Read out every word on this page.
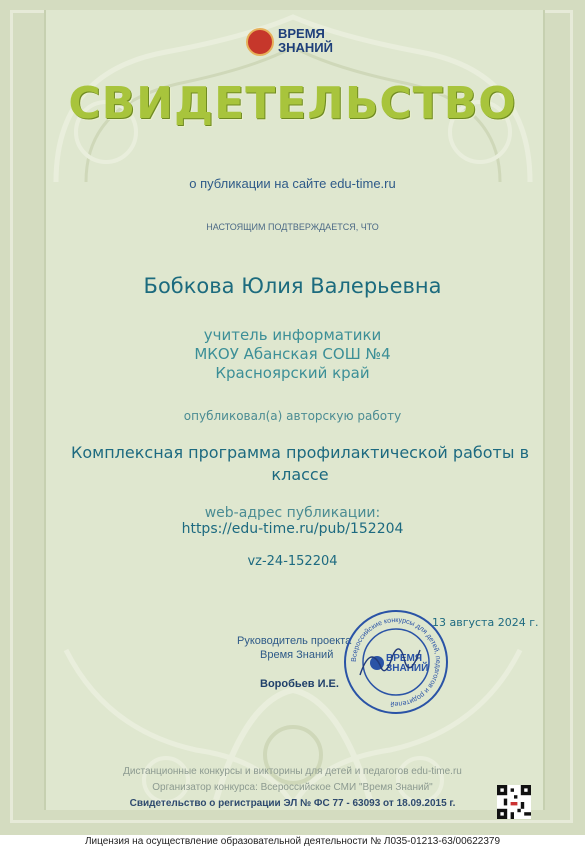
ВРЕМЯ
ЗНАНИЙ
СВИДЕТЕЛЬСТВО
о публикации на сайте edu-time.ru
НАСТОЯЩИМ ПОДТВЕРЖДАЕТСЯ, ЧТО
Бобкова Юлия Валерьевна
учитель информатики
МКОУ Абанская СОШ №4
Красноярский край
опубликовал(а) авторскую работу
Комплексная программа профилактической работы в классе
web-адрес публикации:
https://edu-time.ru/pub/152204
vz-24-152204
13 августа 2024 г.
Руководитель проекта
Время Знаний
Воробьев И.Е.
Всероссийские конкурсы для детей, педагогов и родителей
ВРЕМЯ
ЗНАНИЙ
Дистанционные конкурсы и викторины для детей и педагогов edu-time.ru
Организатор конкурса: Всероссийское СМИ "Время Знаний"
Свидетельство о регистрации ЭЛ № ФС 77 - 63093 от 18.09.2015 г.
Лицензия на осуществление образовательной деятельности № Л035-01213-63/00622379
